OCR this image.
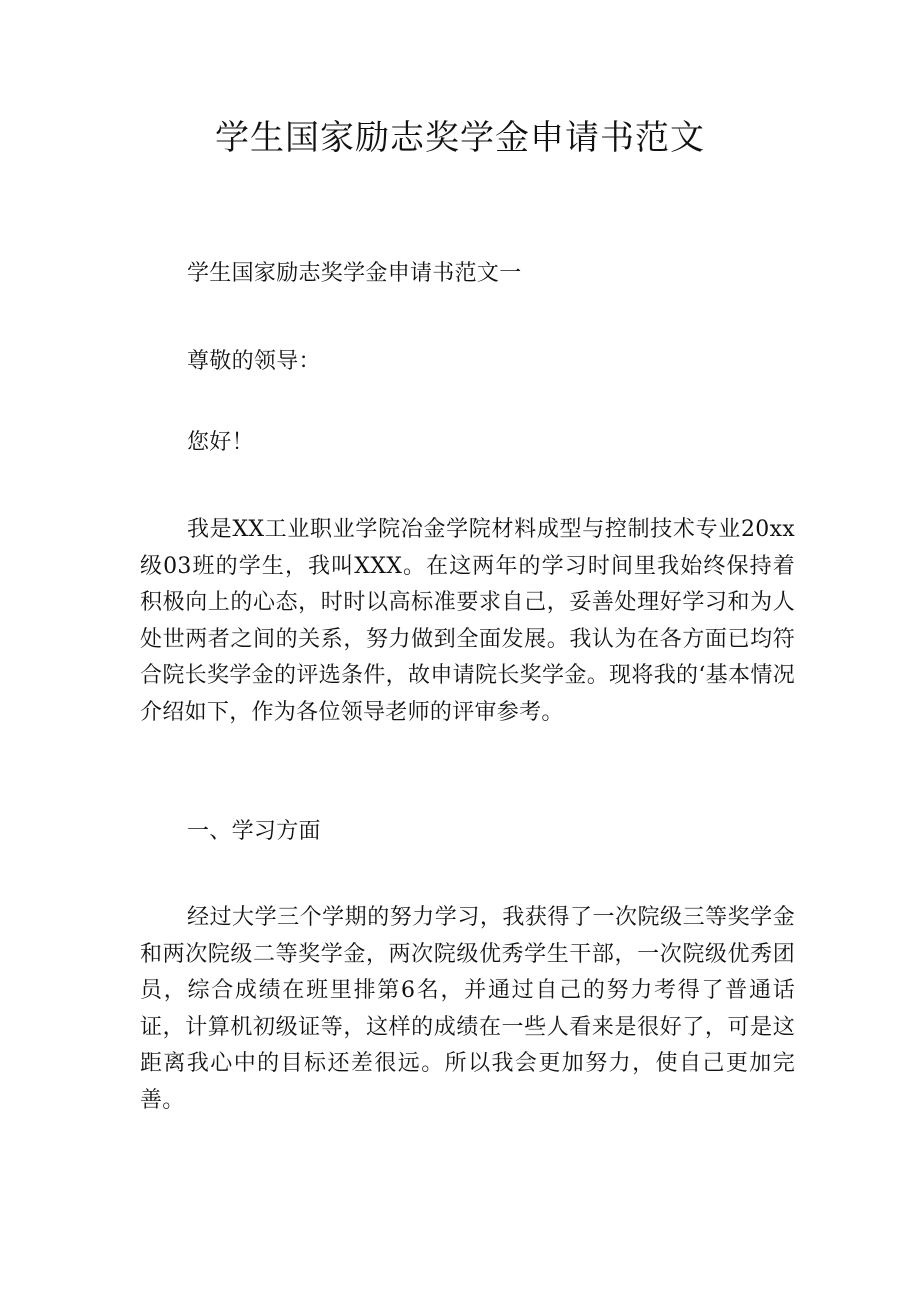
学生国家励志奖学金申请书范文

学生国家励志奖学金申请书范文一

尊敬的领导：

您好！

我是XX工业职业学院冶金学院材料成型与控制技术专业20xx级03班的学生，我叫XXX。在这两年的学习时间里我始终保持着积极向上的心态，时时以高标准要求自己，妥善处理好学习和为人处世两者之间的关系，努力做到全面发展。我认为在各方面已均符合院长奖学金的评选条件，故申请院长奖学金。现将我的‘基本情况介绍如下，作为各位领导老师的评审参考。

一、学习方面

经过大学三个学期的努力学习，我获得了一次院级三等奖学金和两次院级二等奖学金，两次院级优秀学生干部，一次院级优秀团员，综合成绩在班里排第6名，并通过自己的努力考得了普通话证，计算机初级证等，这样的成绩在一些人看来是很好了，可是这距离我心中的目标还差很远。所以我会更加努力，使自己更加完善。
